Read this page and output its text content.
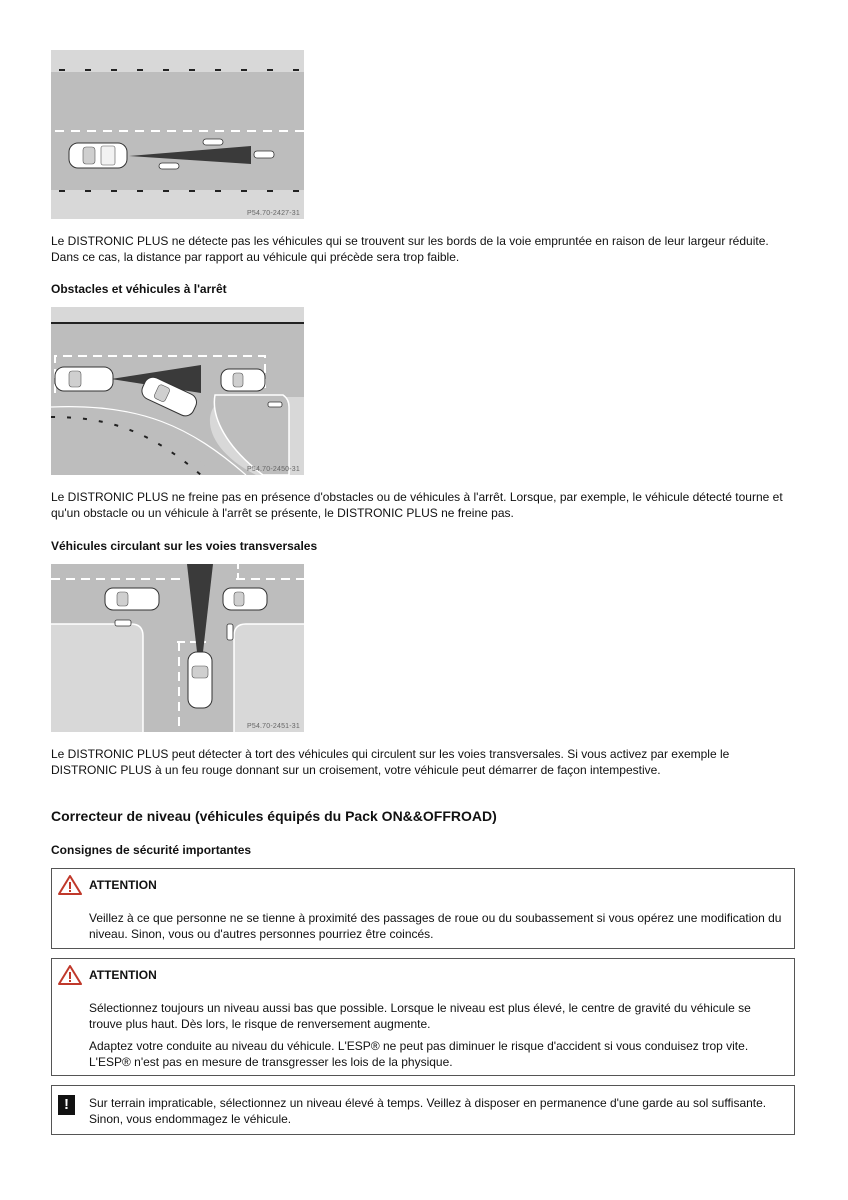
P54.70-2427-31

Le DISTRONIC PLUS ne détecte pas les véhicules qui se trouvent sur les bords de la voie empruntée en raison de leur largeur réduite. Dans ce cas, la distance par rapport au véhicule qui précède sera trop faible.

Obstacles et véhicules à l'arrêt
P54.70-2450-31

Le DISTRONIC PLUS ne freine pas en présence d'obstacles ou de véhicules à l'arrêt. Lorsque, par exemple, le véhicule détecté tourne et qu'un obstacle ou un véhicule à l'arrêt se présente, le DISTRONIC PLUS ne freine pas.

Véhicules circulant sur les voies transversales
P54.70-2451-31

Le DISTRONIC PLUS peut détecter à tort des véhicules qui circulent sur les voies transversales. Si vous activez par exemple le DISTRONIC PLUS à un feu rouge donnant sur un croisement, votre véhicule peut démarrer de façon intempestive.

Correcteur de niveau (véhicules équipés du Pack ON&&OFFROAD)
Consignes de sécurité importantes
ATTENTION

Veillez à ce que personne ne se tienne à proximité des passages de roue ou du soubassement si vous opérez une modification du niveau. Sinon, vous ou d'autres personnes pourriez être coincés.

ATTENTION

Sélectionnez toujours un niveau aussi bas que possible. Lorsque le niveau est plus élevé, le centre de gravité du véhicule se trouve plus haut. Dès lors, le risque de renversement augmente.

Adaptez votre conduite au niveau du véhicule. L'ESP® ne peut pas diminuer le risque d'accident si vous conduisez trop vite. L'ESP® n'est pas en mesure de transgresser les lois de la physique.

!	Sur terrain impraticable, sélectionnez un niveau élevé à temps. Veillez à disposer en permanence d'une garde au sol suffisante. Sinon, vous endommagez le véhicule.
